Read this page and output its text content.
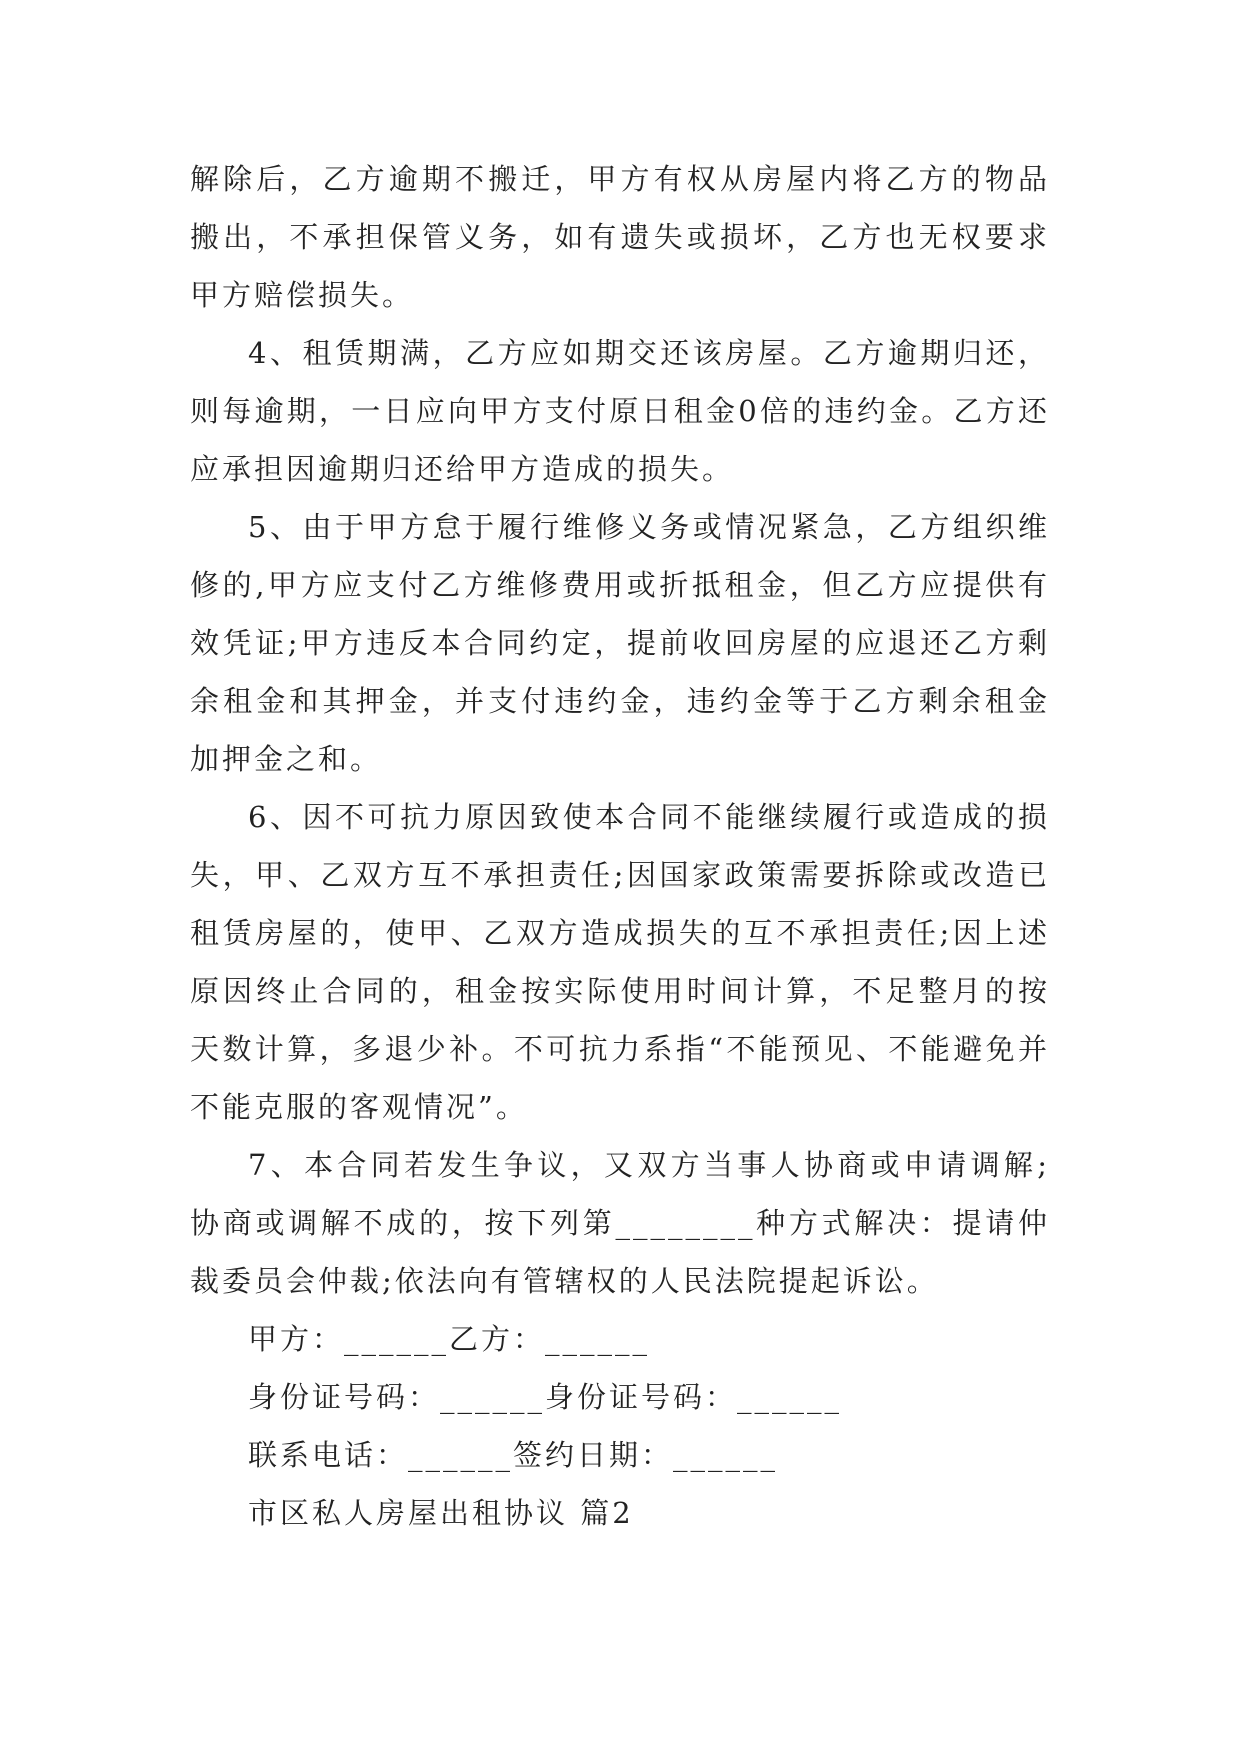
解除后，乙方逾期不搬迁，甲方有权从房屋内将乙方的物品搬出，不承担保管义务，如有遗失或损坏，乙方也无权要求甲方赔偿损失。

4、租赁期满，乙方应如期交还该房屋。乙方逾期归还，则每逾期，一日应向甲方支付原日租金0倍的违约金。乙方还应承担因逾期归还给甲方造成的损失。

5、由于甲方怠于履行维修义务或情况紧急，乙方组织维修的,甲方应支付乙方维修费用或折抵租金，但乙方应提供有效凭证;甲方违反本合同约定，提前收回房屋的应退还乙方剩余租金和其押金，并支付违约金，违约金等于乙方剩余租金加押金之和。

6、因不可抗力原因致使本合同不能继续履行或造成的损失，甲、乙双方互不承担责任;因国家政策需要拆除或改造已租赁房屋的，使甲、乙双方造成损失的互不承担责任;因上述原因终止合同的，租金按实际使用时间计算，不足整月的按天数计算，多退少补。不可抗力系指“不能预见、不能避免并不能克服的客观情况”。

7、本合同若发生争议，又双方当事人协商或申请调解;协商或调解不成的，按下列第________种方式解决：提请仲裁委员会仲裁;依法向有管辖权的人民法院提起诉讼。

甲方：______乙方：______

身份证号码：______身份证号码：______

联系电话：______签约日期：______

市区私人房屋出租协议 篇2
